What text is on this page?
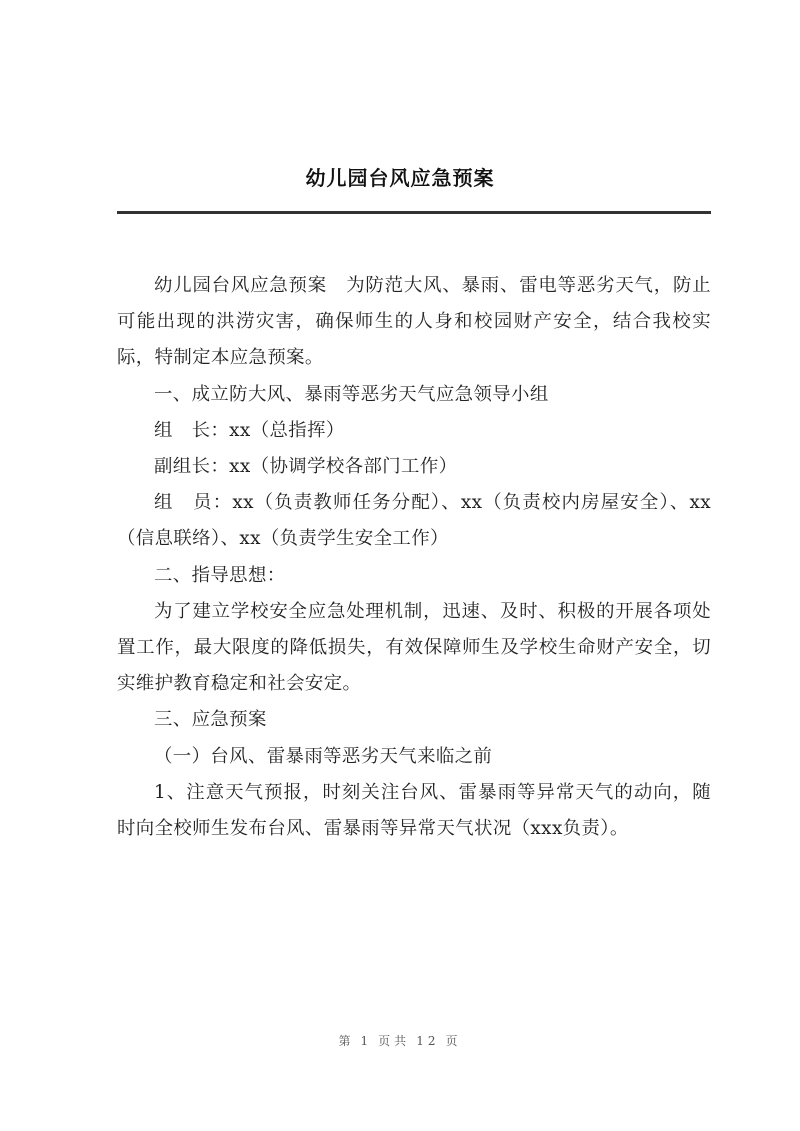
幼儿园台风应急预案

幼儿园台风应急预案　为防范大风、暴雨、雷电等恶劣天气，防止可能出现的洪涝灾害，确保师生的人身和校园财产安全，结合我校实际，特制定本应急预案。

一、成立防大风、暴雨等恶劣天气应急领导小组

组　长：xx（总指挥）

副组长：xx（协调学校各部门工作）

组　员：xx（负责教师任务分配）、xx（负责校内房屋安全）、xx（信息联络）、xx（负责学生安全工作）

二、指导思想：

为了建立学校安全应急处理机制，迅速、及时、积极的开展各项处置工作，最大限度的降低损失，有效保障师生及学校生命财产安全，切实维护教育稳定和社会安定。

三、应急预案

（一）台风、雷暴雨等恶劣天气来临之前

1、注意天气预报，时刻关注台风、雷暴雨等异常天气的动向，随时向全校师生发布台风、雷暴雨等异常天气状况（xxx负责）。

第 1 页共 12 页
